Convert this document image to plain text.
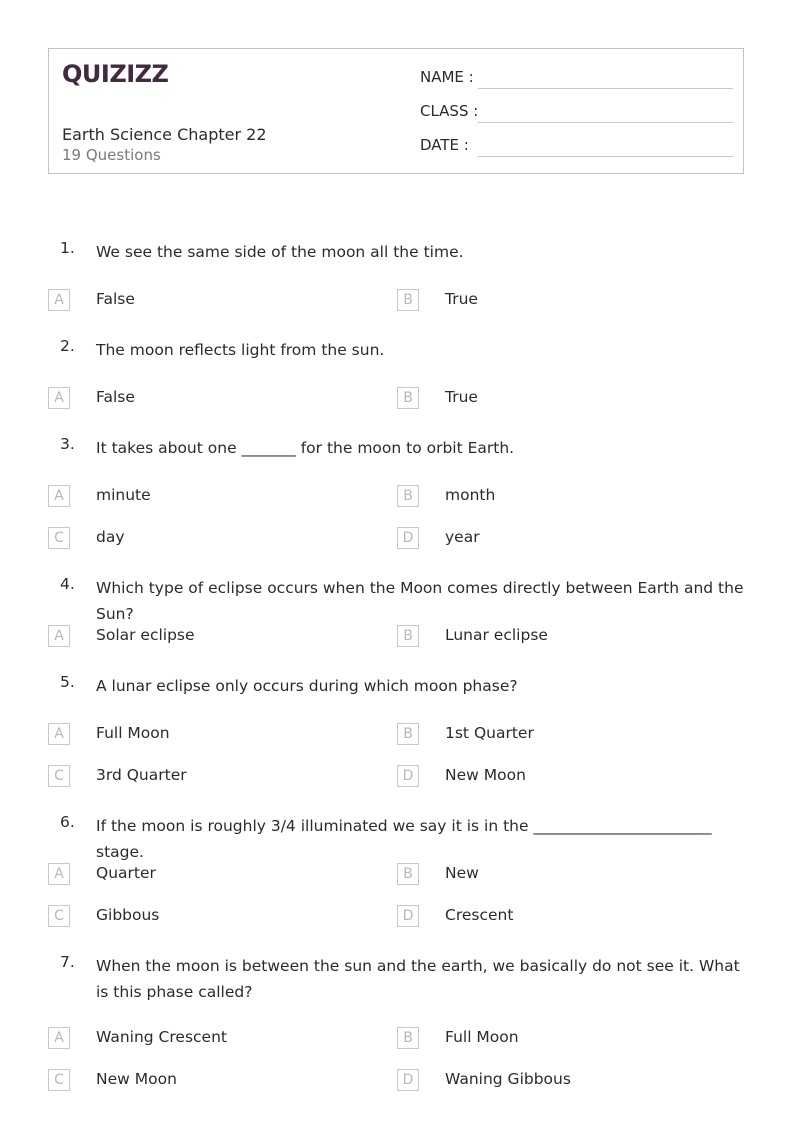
QUIZIZZ
Earth Science Chapter 22
19 Questions
NAME :
CLASS :
DATE :
1. We see the same side of the moon all the time.
A	False	B	True
2. The moon reflects light from the sun.
A	False	B	True
3. It takes about one _______ for the moon to orbit Earth.
A	minute	B	month
C	day	D	year
4. Which type of eclipse occurs when the Moon comes directly between Earth and the Sun?
A	Solar eclipse	B	Lunar eclipse
5. A lunar eclipse only occurs during which moon phase?
A	Full Moon	B	1st Quarter
C	3rd Quarter	D	New Moon
6. If the moon is roughly 3/4 illuminated we say it is in the _______________________ stage.
A	Quarter	B	New
C	Gibbous	D	Crescent
7. When the moon is between the sun and the earth, we basically do not see it. What is this phase called?
A	Waning Crescent	B	Full Moon
C	New Moon	D	Waning Gibbous
